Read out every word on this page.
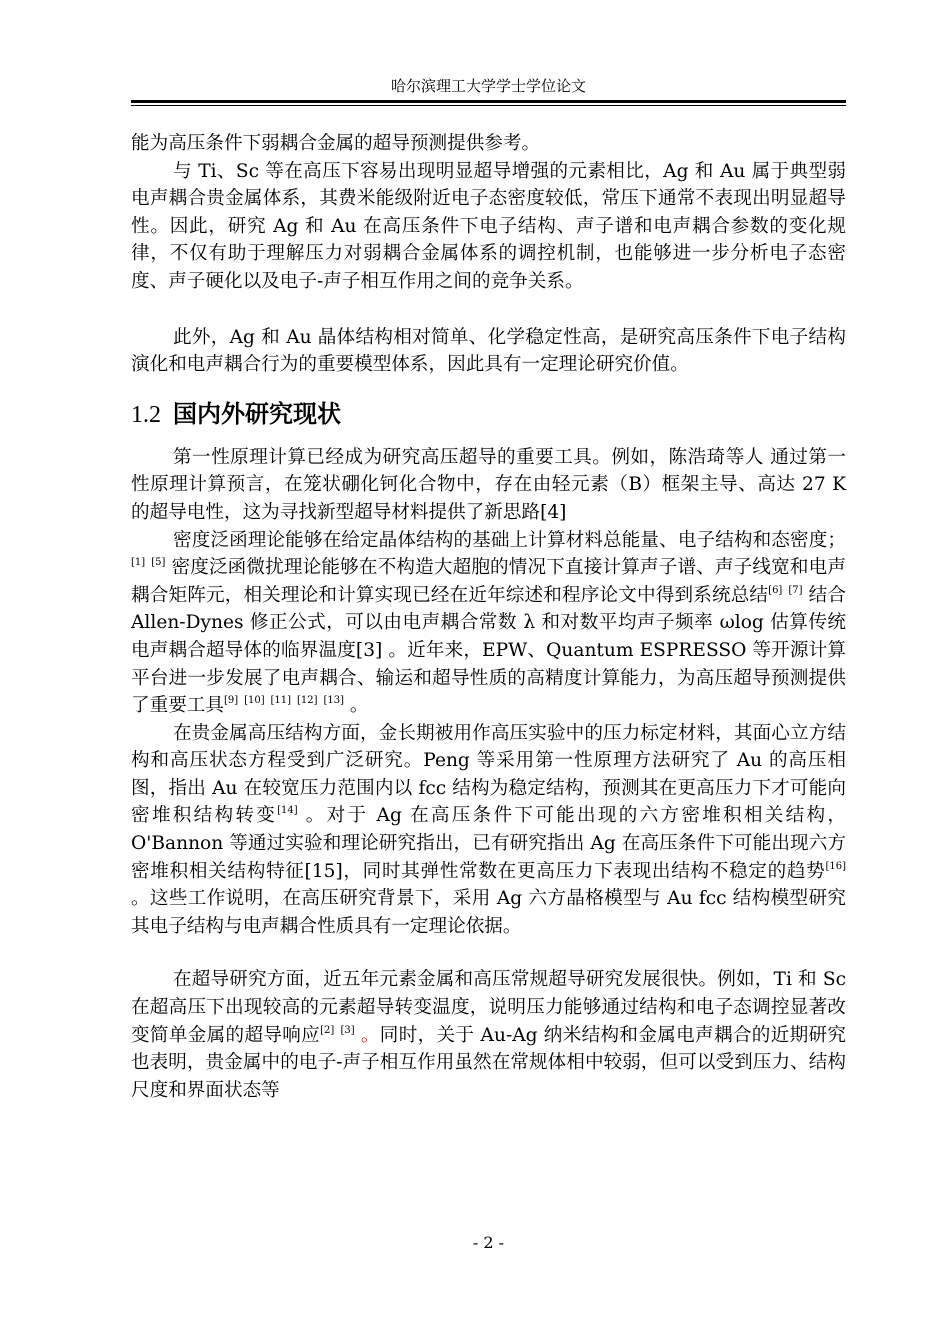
哈尔滨理工大学学士学位论文

能为高压条件下弱耦合金属的超导预测提供参考。

与 Ti、Sc 等在高压下容易出现明显超导增强的元素相比，Ag 和 Au 属于典型弱电声耦合贵金属体系，其费米能级附近电子态密度较低，常压下通常不表现出明显超导性。因此，研究 Ag 和 Au 在高压条件下电子结构、声子谱和电声耦合参数的变化规律，不仅有助于理解压力对弱耦合金属体系的调控机制，也能够进一步分析电子态密度、声子硬化以及电子-声子相互作用之间的竞争关系。

此外，Ag 和 Au 晶体结构相对简单、化学稳定性高，是研究高压条件下电子结构演化和电声耦合行为的重要模型体系，因此具有一定理论研究价值。

1.2 国内外研究现状

第一性原理计算已经成为研究高压超导的重要工具。例如，陈浩琦等人 通过第一性原理计算预言，在笼状硼化钶化合物中，存在由轻元素（B）框架主导、高达 27 K 的超导电性，这为寻找新型超导材料提供了新思路[4]

密度泛函理论能够在给定晶体结构的基础上计算材料总能量、电子结构和态密度；[1] [5] 密度泛函微扰理论能够在不构造大超胞的情况下直接计算声子谱、声子线宽和电声耦合矩阵元，相关理论和计算实现已经在近年综述和程序论文中得到系统总结[6] [7] 结合 Allen-Dynes 修正公式，可以由电声耦合常数 λ 和对数平均声子频率 ωlog 估算传统电声耦合超导体的临界温度[3] 。近年来，EPW、Quantum ESPRESSO 等开源计算平台进一步发展了电声耦合、输运和超导性质的高精度计算能力，为高压超导预测提供了重要工具[9] [10] [11] [12] [13] 。

在贵金属高压结构方面，金长期被用作高压实验中的压力标定材料，其面心立方结构和高压状态方程受到广泛研究。Peng 等采用第一性原理方法研究了 Au 的高压相图，指出 Au 在较宽压力范围内以 fcc 结构为稳定结构，预测其在更高压力下才可能向密堆积结构转变[14] 。对于 Ag 在高压条件下可能出现的六方密堆积相关结构，O'Bannon 等通过实验和理论研究指出，已有研究指出 Ag 在高压条件下可能出现六方密堆积相关结构特征[15]，同时其弹性常数在更高压力下表现出结构不稳定的趋势[16] 。这些工作说明，在高压研究背景下，采用 Ag 六方晶格模型与 Au fcc 结构模型研究其电子结构与电声耦合性质具有一定理论依据。

在超导研究方面，近五年元素金属和高压常规超导研究发展很快。例如，Ti 和 Sc 在超高压下出现较高的元素超导转变温度，说明压力能够通过结构和电子态调控显著改变简单金属的超导响应[2] [3] 。同时，关于 Au-Ag 纳米结构和金属电声耦合的近期研究也表明，贵金属中的电子-声子相互作用虽然在常规体相中较弱，但可以受到压力、结构尺度和界面状态等

- 2 -
